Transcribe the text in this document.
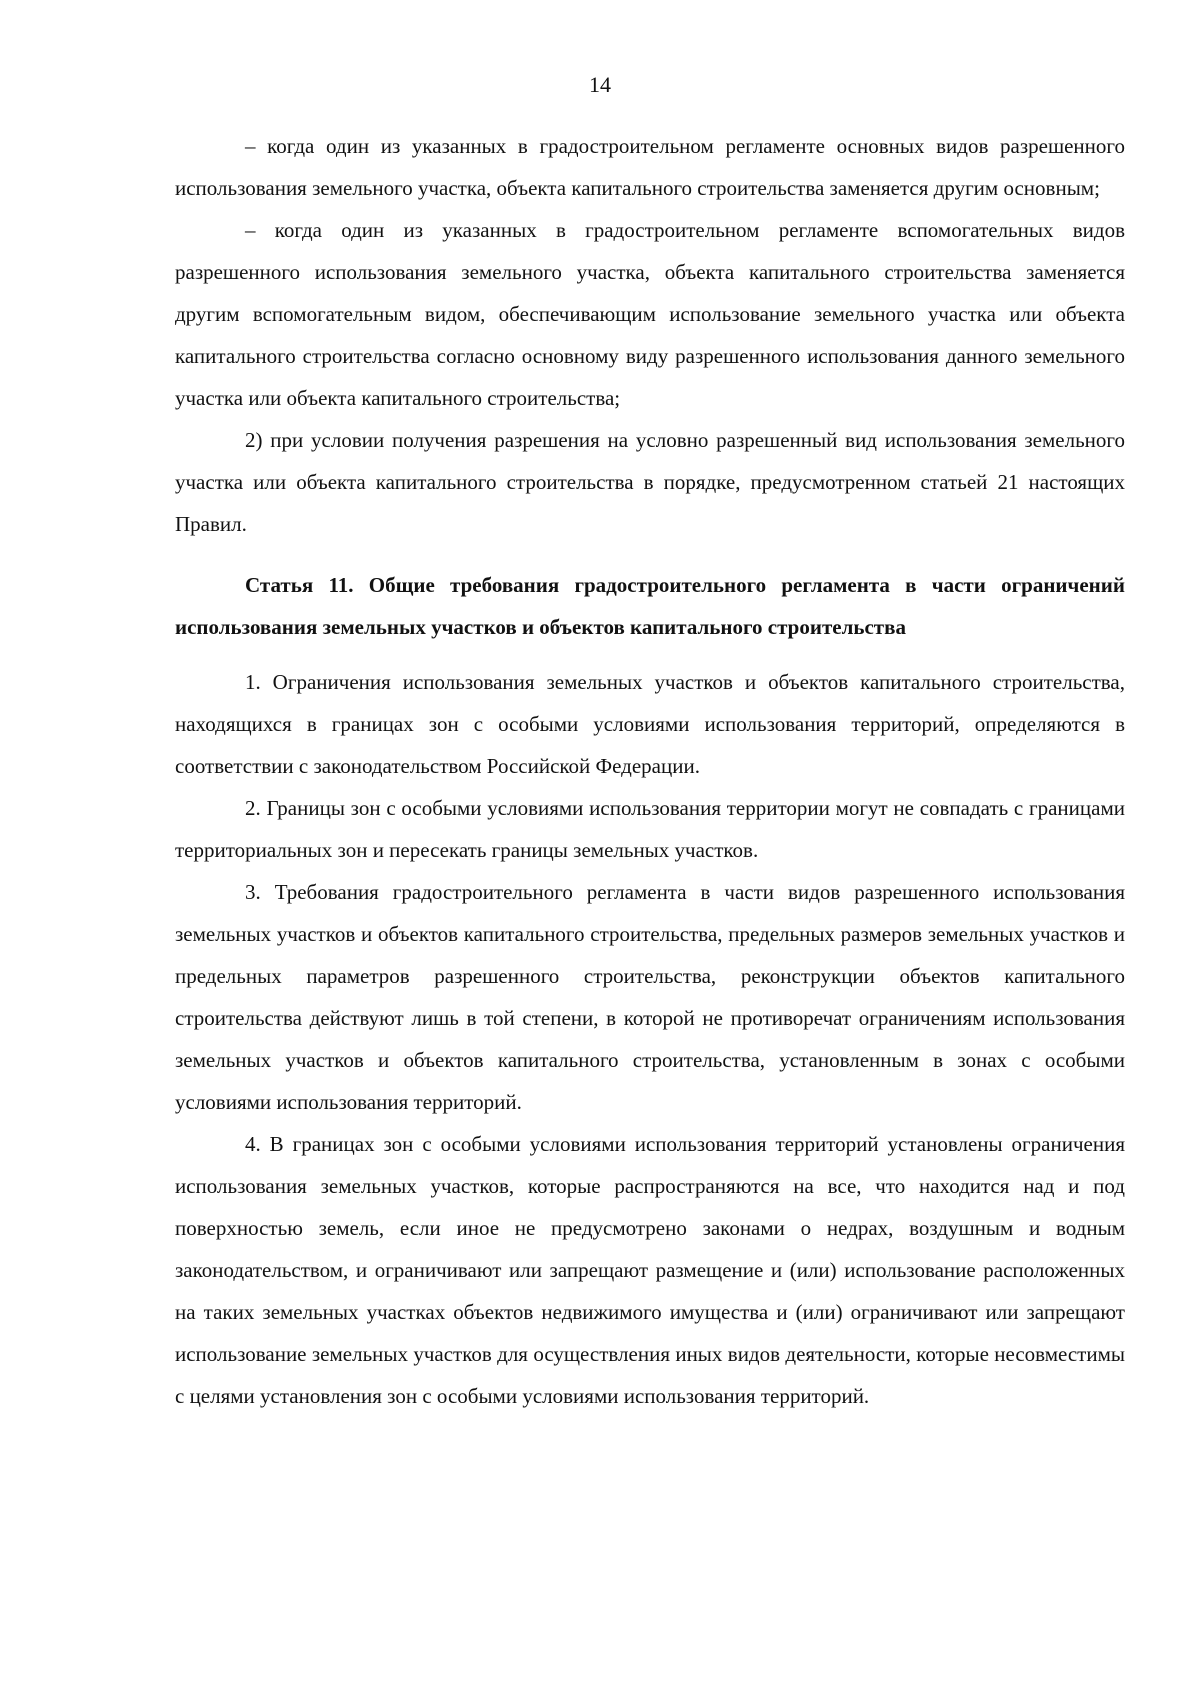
14

– когда один из указанных в градостроительном регламенте основных видов разрешенного использования земельного участка, объекта капитального строительства заменяется другим основным;

– когда один из указанных в градостроительном регламенте вспомогательных видов разрешенного использования земельного участка, объекта капитального строительства заменяется другим вспомогательным видом, обеспечивающим использование земельного участка или объекта капитального строительства согласно основному виду разрешенного использования данного земельного участка или объекта капитального строительства;

2) при условии получения разрешения на условно разрешенный вид использования земельного участка или объекта капитального строительства в порядке, предусмотренном статьей 21 настоящих Правил.

Статья 11. Общие требования градостроительного регламента в части ограничений использования земельных участков и объектов капитального строительства

1. Ограничения использования земельных участков и объектов капитального строительства, находящихся в границах зон с особыми условиями использования территорий, определяются в соответствии с законодательством Российской Федерации.

2. Границы зон с особыми условиями использования территории могут не совпадать с границами территориальных зон и пересекать границы земельных участков.

3. Требования градостроительного регламента в части видов разрешенного использования земельных участков и объектов капитального строительства, предельных размеров земельных участков и предельных параметров разрешенного строительства, реконструкции объектов капитального строительства действуют лишь в той степени, в которой не противоречат ограничениям использования земельных участков и объектов капитального строительства, установленным в зонах с особыми условиями использования территорий.

4. В границах зон с особыми условиями использования территорий установлены ограничения использования земельных участков, которые распространяются на все, что находится над и под поверхностью земель, если иное не предусмотрено законами о недрах, воздушным и водным законодательством, и ограничивают или запрещают размещение и (или) использование расположенных на таких земельных участках объектов недвижимого имущества и (или) ограничивают или запрещают использование земельных участков для осуществления иных видов деятельности, которые несовместимы с целями установления зон с особыми условиями использования территорий.
